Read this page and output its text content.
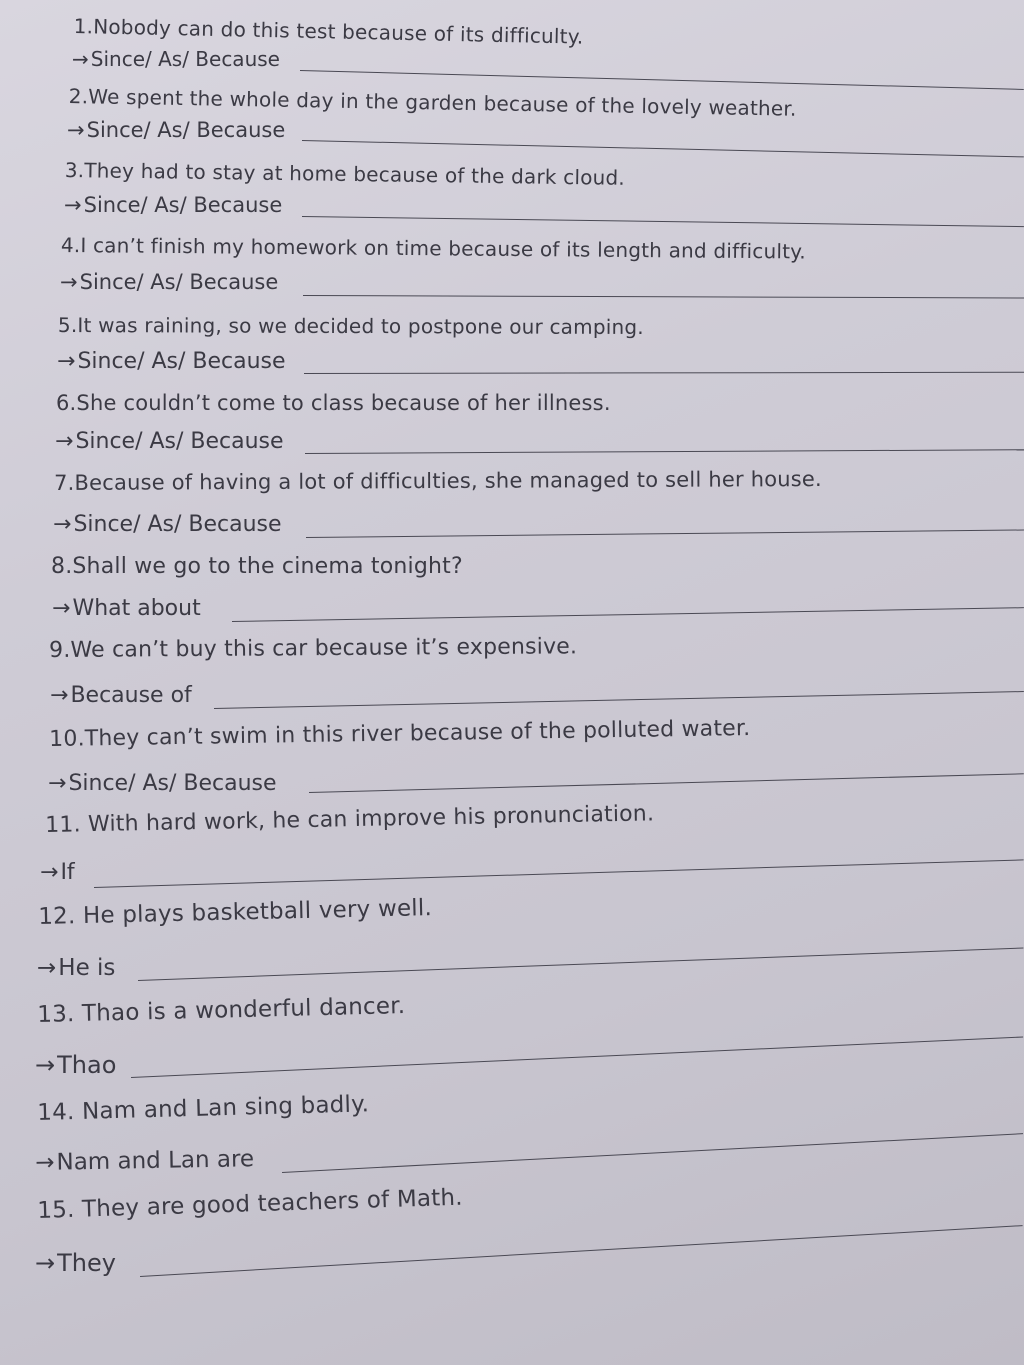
1.Nobody can do this test because of its difficulty.
→ Since/ As/ Because
2.We spent the whole day in the garden because of the lovely weather.
→Since/ As/ Because
3.They had to stay at home because of the dark cloud.
→Since/ As/ Because
4.I can’t finish my homework on time because of its length and difficulty.
→Since/ As/ Because
5.It was raining, so we decided to postpone our camping.
→Since/ As/ Because
6.She couldn’t come to class because of her illness.
→Since/ As/ Because
7.Because of having a lot of difficulties, she managed to sell her house.
→Since/ As/ Because
8.Shall we go to the cinema tonight?
→What about
9.We can’t buy this car because it’s expensive.
→Because of
10.They can’t swim in this river because of the polluted water.
→Since/ As/ Because
11. With hard work, he can improve his pronunciation.
→If
12. He plays basketball very well.
→He is
13. Thao is a wonderful dancer.
→Thao
14. Nam and Lan sing badly.
→Nam and Lan are
15. They are good teachers of Math.
→They
